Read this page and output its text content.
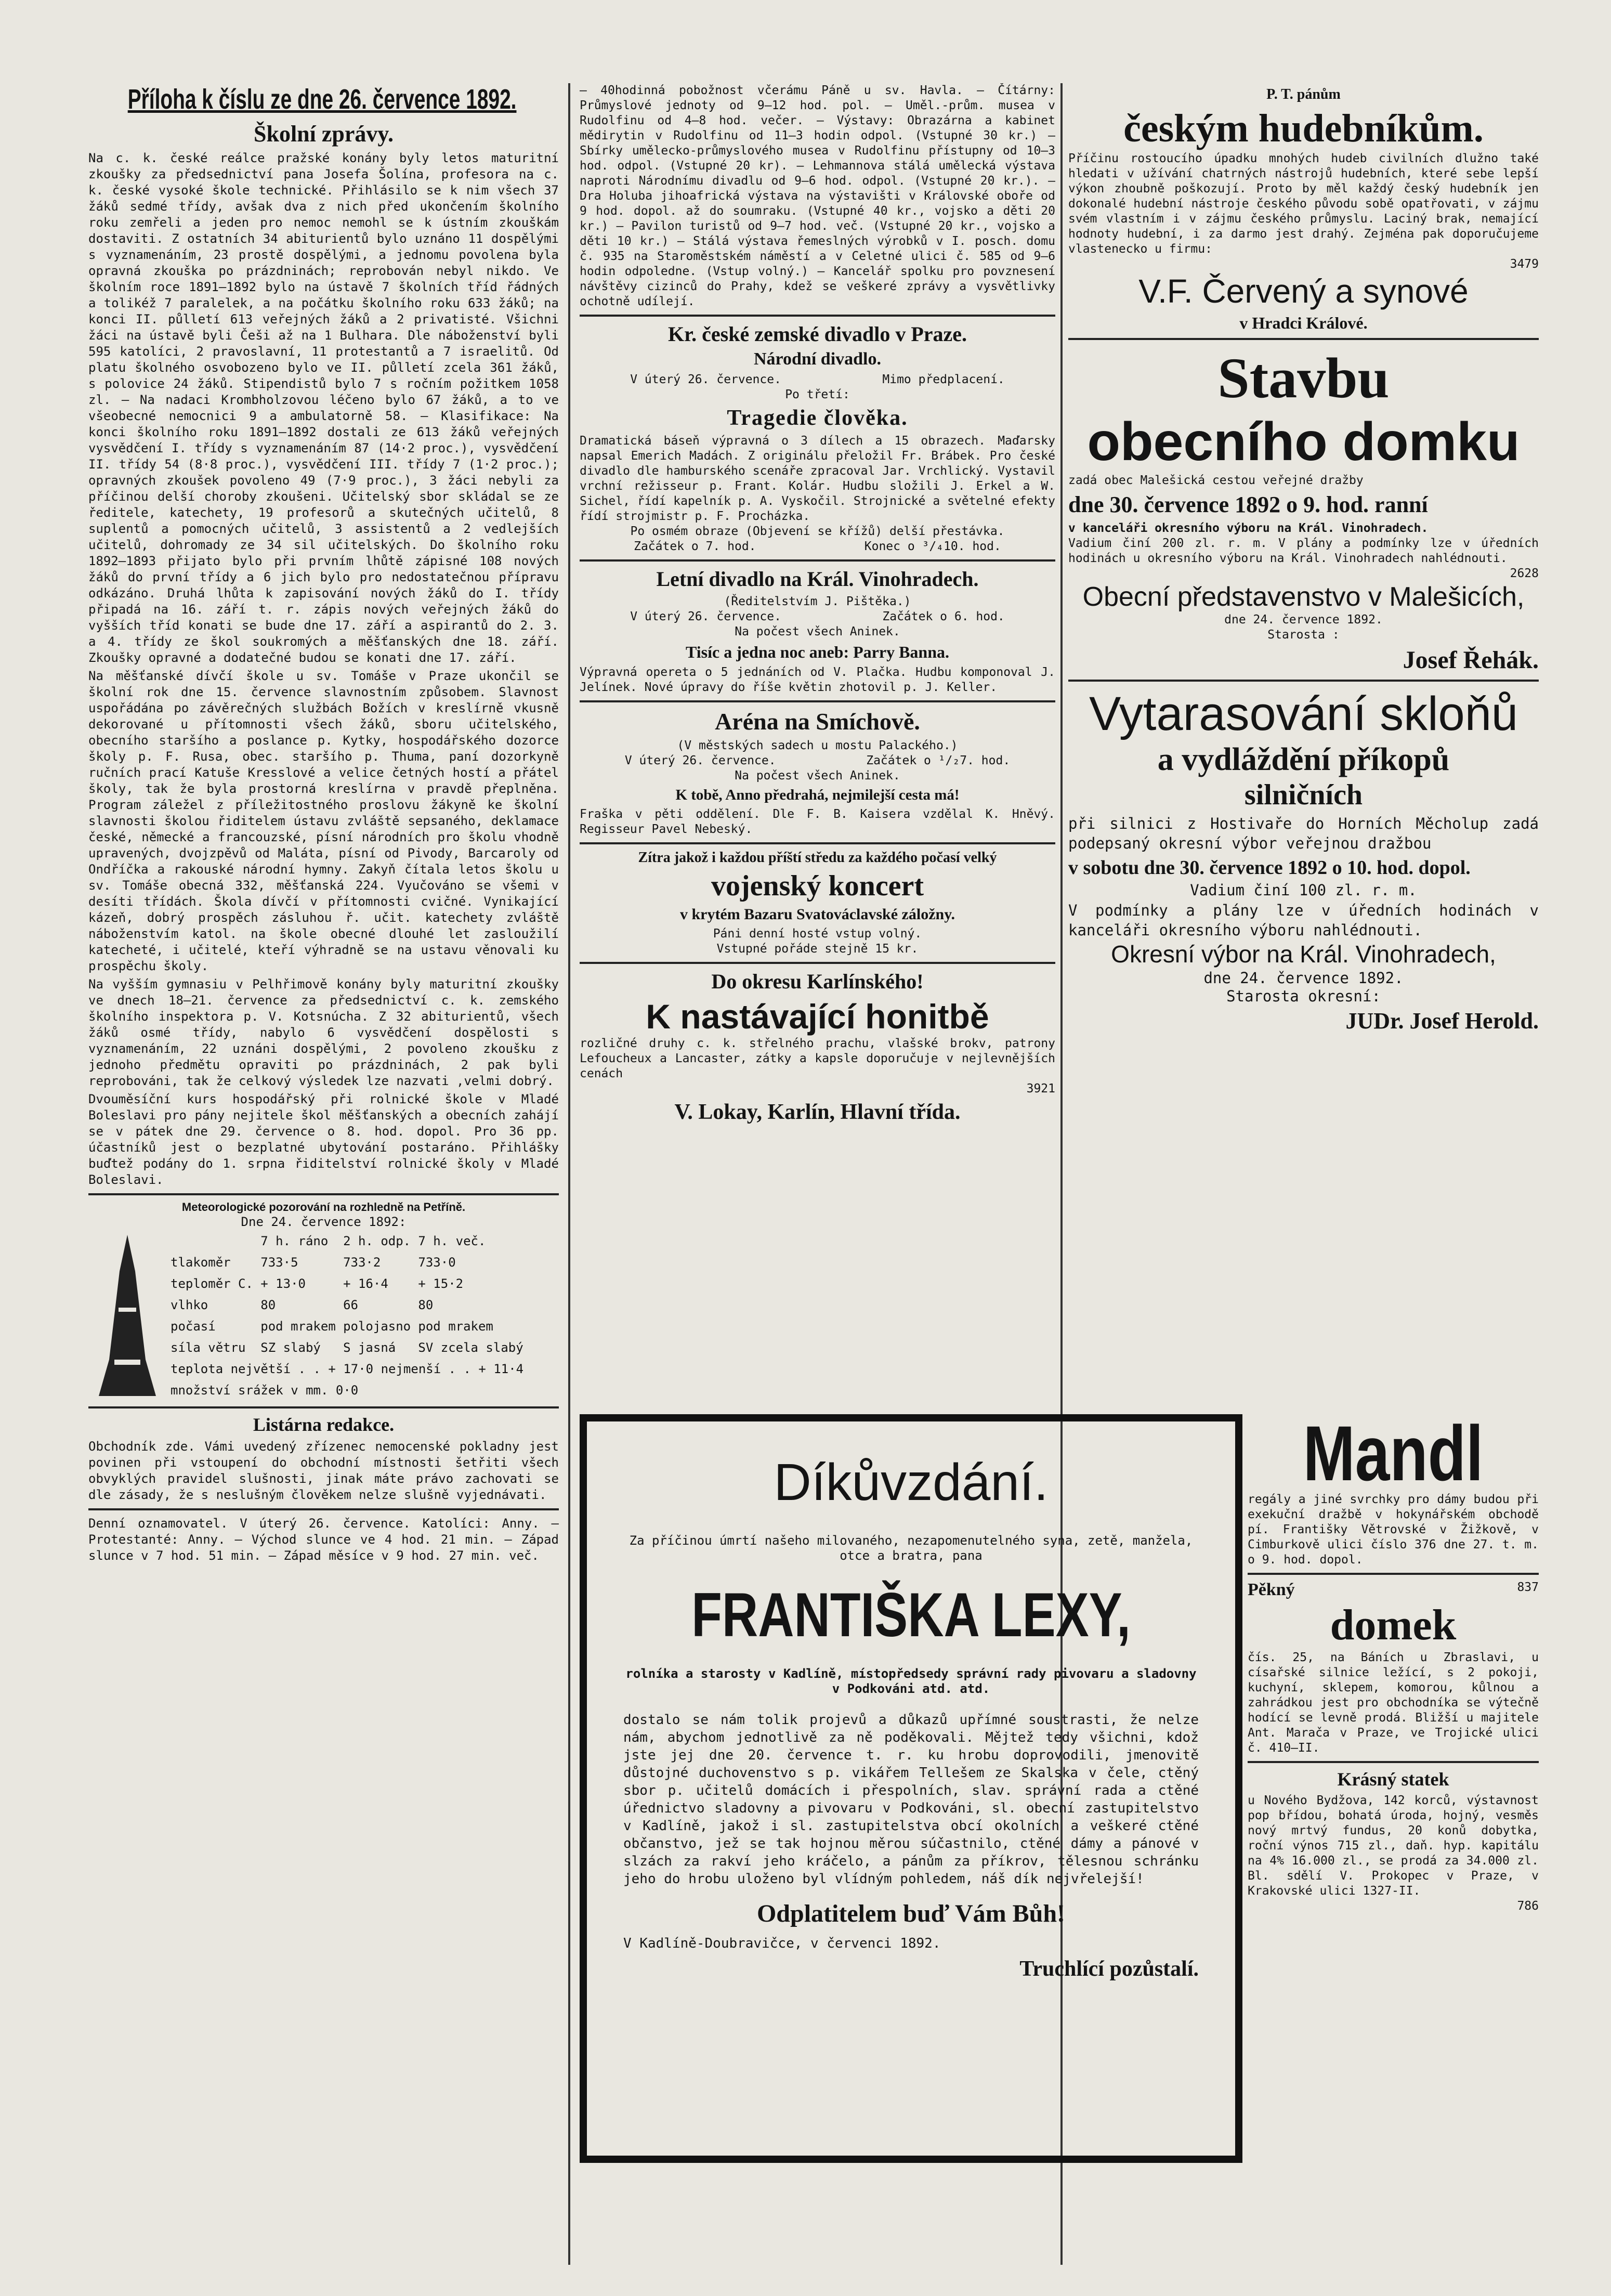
Příloha k číslu ze dne 26. července 1892.
Školní zprávy.

Na c. k. české reálce pražské konány byly letos maturitní zkoušky za předsednictví pana Josefa Šolína, profesora na c. k. české vysoké škole technické. Přihlásilo se k nim všech 37 žáků sedmé třídy, avšak dva z nich před ukončením školního roku zemřeli a jeden pro nemoc nemohl se k ústním zkouškám dostaviti. Z ostatních 34 abiturientů bylo uznáno 11 dospělými s vyznamenáním, 23 prostě dospělými, a jednomu povolena byla opravná zkouška po prázdninách; reprobován nebyl nikdo. Ve školním roce 1891—1892 bylo na ústavě 7 školních tříd řádných a tolikéž 7 paralelek, a na počátku školního roku 633 žáků; na konci II. půlletí 613 veřejných žáků a 2 privatisté. Všichni žáci na ústavě byli Češi až na 1 Bulhara. Dle náboženství byli 595 katolíci, 2 pravoslavní, 11 protestantů a 7 israelitů. Od platu školného osvobozeno bylo ve II. půlletí zcela 361 žáků, s polovice 24 žáků. Stipendistů bylo 7 s ročním požitkem 1058 zl. — Na nadaci Krombholzovou léčeno bylo 67 žáků, a to ve všeobecné nemocnici 9 a ambulatorně 58. — Klasifikace: Na konci školního roku 1891—1892 dostali ze 613 žáků veřejných vysvědčení I. třídy s vyznamenáním 87 (14·2 proc.), vysvědčení II. třídy 54 (8·8 proc.), vysvědčení III. třídy 7 (1·2 proc.); opravných zkoušek povoleno 49 (7·9 proc.), 3 žáci nebyli za příčinou delší choroby zkoušeni. Učitelský sbor skládal se ze ředitele, katechety, 19 profesorů a skutečných učitelů, 8 suplentů a pomocných učitelů, 3 assistentů a 2 vedlejších učitelů, dohromady ze 34 sil učitelských. Do školního roku 1892—1893 přijato bylo při prvním lhůtě zápisné 108 nových žáků do první třídy a 6 jich bylo pro nedostatečnou přípravu odkázáno. Druhá lhůta k zapisování nových žáků do I. třídy připadá na 16. září t. r. zápis nových veřejných žáků do vyšších tříd konati se bude dne 17. září a aspirantů do 2. 3. a 4. třídy ze škol soukromých a měšťanských dne 18. září. Zkoušky opravné a dodatečné budou se konati dne 17. září.

Na měšťanské dívčí škole u sv. Tomáše v Praze ukončil se školní rok dne 15. července slavnostním způsobem. Slavnost uspořádána po závěrečných službách Božích v kreslírně vkusně dekorované u přítomnosti všech žáků, sboru učitelského, obecního staršího a poslance p. Kytky, hospodářského dozorce školy p. F. Rusa, obec. staršího p. Thuma, paní dozorkyně ručních prací Katuše Kresslové a velice četných hostí a přátel školy, tak že byla prostorná kreslírna v pravdě přeplněna. Program záležel z příležitostného proslovu žákyně ke školní slavnosti školou řiditelem ústavu zvláště sepsaného, deklamace české, německé a francouzské, písní národních pro školu vhodně upravených, dvojzpěvů od Maláta, písní od Pivody, Barcaroly od Ondříčka a rakouské národní hymny. Zakyň čítala letos školu u sv. Tomáše obecná 332, měšťanská 224. Vyučováno se všemi v desíti třídách. Škola dívčí v přítomnosti cvičné. Vynikající kázeň, dobrý prospěch zásluhou ř. učit. katechety zvláště náboženstvím katol. na škole obecné dlouhé let zasloužilí katecheté, i učitelé, kteří výhradně se na ustavu věnovali ku prospěchu školy.

Na vyšším gymnasiu v Pelhřimově konány byly maturitní zkoušky ve dnech 18—21. července za předsednictví c. k. zemského školního inspektora p. V. Kotsnúcha. Z 32 abiturientů, všech žáků osmé třídy, nabylo 6 vysvědčení dospělosti s vyznamenáním, 22 uznáni dospělými, 2 povoleno zkoušku z jednoho předmětu opraviti po prázdninách, 2 pak byli reprobováni, tak že celkový výsledek lze nazvati ,velmi dobrý.

Dvouměsíční kurs hospodářský při rolnické škole v Mladé Boleslavi pro pány nejitele škol měšťanských a obecních zahájí se v pátek dne 29. července o 8. hod. dopol. Pro 36 pp. účastníků jest o bezplatné ubytování postaráno. Přihlášky buďtež podány do 1. srpna řiditelství rolnické školy v Mladé Boleslavi.

Meteorologické pozorování na rozhledně na Petříně.
Dne 24. července 1892:
	7 h. ráno	2 h. odp.	7 h. več.
tlakoměr	733·5	733·2	733·0
teploměr C.	+ 13·0	+ 16·4	+ 15·2
vlhko	80	66	80
počasí	pod mrakem	polojasno	pod mrakem
síla větru	SZ slabý	S jasná	SV zcela slabý
teplota největší . . + 17·0 nejmenší . . + 11·4			
množství srážek v mm. 0·0			
Listárna redakce.

Obchodník zde. Vámi uvedený zřízenec nemocenské pokladny jest povinen při vstoupení do obchodní místnosti šetřiti všech obvyklých pravidel slušnosti, jinak máte právo zachovati se dle zásady, že s neslušným člověkem nelze slušně vyjednávati.

Denní oznamovatel. V úterý 26. července. Katolíci: Anny. — Protestanté: Anny. — Východ slunce ve 4 hod. 21 min. — Západ slunce v 7 hod. 51 min. — Západ měsíce v 9 hod. 27 min. več.

— 40hodinná pobožnost včerámu Páně u sv. Havla. — Čítárny: Průmyslové jednoty od 9—12 hod. pol. — Uměl.-prům. musea v Rudolfinu od 4—8 hod. večer. — Výstavy: Obrazárna a kabinet mědirytin v Rudolfinu od 11—3 hodin odpol. (Vstupné 30 kr.) — Sbírky umělecko-průmyslového musea v Rudolfinu přístupny od 10—3 hod. odpol. (Vstupné 20 kr). — Lehmannova stálá umělecká výstava naproti Národnímu divadlu od 9—6 hod. odpol. (Vstupné 20 kr.). — Dra Holuba jihoafrická výstava na výstavišti v Královské oboře od 9 hod. dopol. až do soumraku. (Vstupné 40 kr., vojsko a děti 20 kr.) — Pavilon turistů od 9—7 hod. več. (Vstupné 20 kr., vojsko a děti 10 kr.) — Stálá výstava řemeslných výrobků v I. posch. domu č. 935 na Staroměstském náměstí a v Celetné ulici č. 585 od 9—6 hodin odpoledne. (Vstup volný.) — Kancelář spolku pro povznesení návštěvy cizinců do Prahy, kdež se veškeré zprávy a vysvětlivky ochotně udílejí.

Kr. české zemské divadlo v Praze.
Národní divadlo.
V úterý 26. července.	Mimo předplacení.
Po třetí:
Tragedie člověka.

Dramatická báseň výpravná o 3 dílech a 15 obrazech. Maďarsky napsal Emerich Madách. Z originálu přeložil Fr. Brábek. Pro české divadlo dle hamburského scenáře zpracoval Jar. Vrchlický. Vystavil vrchní režisseur p. Frant. Kolár. Hudbu složili J. Erkel a W. Sichel, řídí kapelník p. A. Vyskočil. Strojnické a světelné efekty řídí strojmistr p. F. Procházka.

Po osmém obraze (Objevení se křížů) delší přestávka.
Začátek o 7. hod.	Konec o ³/₄10. hod.
Letní divadlo na Král. Vinohradech.
(Ředitelstvím J. Pištěka.)
V úterý 26. července.	Začátek o 6. hod.
Na počest všech Aninek.
Tisíc a jedna noc aneb: Parry Banna.

Výpravná opereta o 5 jednáních od V. Plačka. Hudbu komponoval J. Jelínek. Nové úpravy do říše květin zhotovil p. J. Keller.

Aréna na Smíchově.
(V městských sadech u mostu Palackého.)
V úterý 26. července.	Začátek o ¹/₂7. hod.
Na počest všech Aninek.
K tobě, Anno předrahá, nejmilejší cesta má!

Fraška v pěti oddělení. Dle F. B. Kaisera vzdělal K. Hněvý. Regisseur Pavel Nebeský.

Zítra jakož i každou příští středu za každého počasí velký
vojenský koncert
v krytém Bazaru Svatováclavské záložny.
Páni denní hosté vstup volný.
Vstupné pořáde stejně 15 kr.
Do okresu Karlínského!
K nastávající honitbě

rozličné druhy c. k. střelného prachu, vlašské brokv, patrony Lefoucheux a Lancaster, zátky a kapsle doporučuje v nejlevnějších cenách

3921
V. Lokay, Karlín, Hlavní třída.
Díkůvzdání.

Za příčinou úmrtí našeho milovaného, nezapomenutelného syna, zetě, manžela, otce a bratra, pana

FRANTIŠKA LEXY,

rolníka a starosty v Kadlíně, místopředsedy správní rady pivovaru a sladovny v Podkováni atd. atd.

dostalo se nám tolik projevů a důkazů upřímné soustrasti, že nelze nám, abychom jednotlivě za ně poděkovali. Mějtež tedy všichni, kdož jste jej dne 20. července t. r. ku hrobu doprovodili, jmenovitě důstojné duchovenstvo s p. vikářem Tellešem ze Skalska v čele, ctěný sbor p. učitelů domácích i přespolních, slav. správní rada a ctěné úřednictvo sladovny a pivovaru v Podkováni, sl. obecní zastupitelstvo v Kadlíně, jakož i sl. zastupitelstva obcí okolních a veškeré ctěné občanstvo, jež se tak hojnou měrou súčastnilo, ctěné dámy a pánové v slzách za rakví jeho kráčelo, a pánům za příkrov, tělesnou schránku jeho do hrobu uloženo byl vlídným pohledem, náš dík nejvřelejší!

Odplatitelem buď Vám Bůh!
V Kadlíně-Doubravičce, v červenci 1892.
Truchlící pozůstalí.
P. T. pánům
českým hudebníkům.

Příčinu rostoucího úpadku mnohých hudeb civilních dlužno také hledati v užívání chatrných nástrojů hudebních, které sebe lepší výkon zhoubně poškozují. Proto by měl každý český hudebník jen dokonalé hudební nástroje českého původu sobě opatřovati, v zájmu svém vlastním i v zájmu českého průmyslu. Laciný brak, nemající hodnoty hudební, i za darmo jest drahý. Zejména pak doporučujeme vlastenecko u firmu:

3479
V.F. Červený a synové
v Hradci Králové.
Stavbu
obecního domku

zadá obec Malešická cestou veřejné dražby

dne 30. července 1892 o 9. hod. ranní
v kanceláři okresního výboru na Král. Vinohradech.

Vadium činí 200 zl. r. m. V plány a podmínky lze v úředních hodinách u okresního výboru na Král. Vinohradech nahlédnouti.

2628
Obecní představenstvo v Malešicích,
dne 24. července 1892.
Starosta :
Josef Řehák.
Vytarasování skloňů
a vydláždění příkopů
silničních

při silnici z Hostivaře do Horních Měcholup zadá podepsaný okresní výbor veřejnou dražbou

v sobotu dne 30. července 1892 o 10. hod. dopol.
Vadium činí 100 zl. r. m.

V podmínky a plány lze v úředních hodinách v kanceláři okresního výboru nahlédnouti.

Okresní výbor na Král. Vinohradech,
dne 24. července 1892.
Starosta okresní:
JUDr. Josef Herold.
Mandl

regály a jiné svrchky pro dámy budou při exekuční dražbě v hokynářském obchodě pí. Františky Větrovské v Žižkově, v Cimburkově ulici číslo 376 dne 27. t. m. o 9. hod. dopol.

Pěkný	837
domek

čís. 25, na Báních u Zbraslavi, u císařské silnice ležící, s 2 pokoji, kuchyní, sklepem, komorou, kůlnou a zahrádkou jest pro obchodníka se výtečně hodící se levně prodá. Bližší u majitele Ant. Marača v Praze, ve Trojické ulici č. 410—II.

Krásný statek

u Nového Bydžova, 142 korců, výstavnost pop břídou, bohatá úroda, hojný, vesměs nový mrtvý fundus, 20 konů dobytka, roční výnos 715 zl., daň. hyp. kapitálu na 4% 16.000 zl., se prodá za 34.000 zl. Bl. sdělí V. Prokopec v Praze, v Krakovské ulici 1327-II.

786
